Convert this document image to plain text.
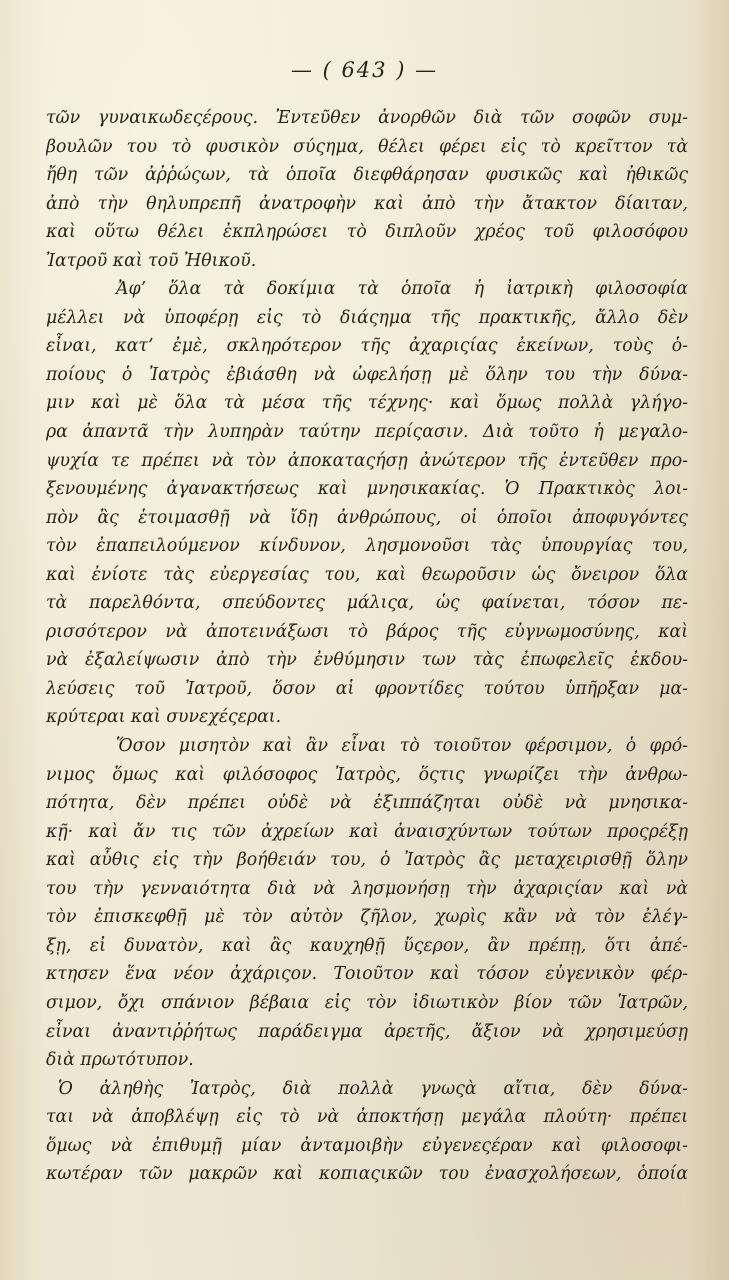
— ( 643 ) —
τῶν γυναικωδεςέρους. Ἐντεῦθεν ἀνορθῶν διὰ τῶν σοφῶν συμ-
βουλῶν του τὸ φυσικὸν σύςημα, θέλει φέρει εἰς τὸ κρεῖττον τὰ
ἤθη τῶν ἀῤῥώςων, τὰ ὁποῖα διεφθάρησαν φυσικῶς καὶ ἠθικῶς
ἀπὸ τὴν θηλυπρεπῆ ἀνατροφὴν καὶ ἀπὸ τὴν ἄτακτον δίαιταν,
καὶ οὕτω θέλει ἐκπληρώσει τὸ διπλοῦν χρέος τοῦ φιλοσόφου
Ἰατροῦ καὶ τοῦ Ἠθικοῦ.
Ἀφ’ ὅλα τὰ δοκίμια τὰ ὁποῖα ἡ ἰατρικὴ φιλοσοφία
μέλλει νὰ ὑποφέρῃ εἰς τὸ διάςημα τῆς πρακτικῆς, ἄλλο δὲν
εἶναι, κατ’ ἐμὲ, σκληρότερον τῆς ἀχαριςίας ἐκείνων, τοὺς ὁ-
ποίους ὁ Ἰατρὸς ἐβιάσθη νὰ ὠφελήσῃ μὲ ὅλην του τὴν δύνα-
μιν καὶ μὲ ὅλα τὰ μέσα τῆς τέχνης· καὶ ὅμως πολλὰ γλήγο-
ρα ἀπαντᾶ τὴν λυπηρὰν ταύτην περίςασιν. Διὰ τοῦτο ἡ μεγαλο-
ψυχία τε πρέπει νὰ τὸν ἀποκαταςήσῃ ἀνώτερον τῆς ἐντεῦθεν προ-
ξενουμένης ἀγανακτήσεως καὶ μνησικακίας. Ὁ Πρακτικὸς λοι-
πὸν ἂς ἑτοιμασθῇ νὰ ἴδῃ ἀνθρώπους, οἱ ὁποῖοι ἀποφυγόντες
τὸν ἐπαπειλούμενον κίνδυνον, λησμονοῦσι τὰς ὑπουργίας του,
καὶ ἐνίοτε τὰς εὐεργεσίας του, καὶ θεωροῦσιν ὡς ὄνειρον ὅλα
τὰ παρελθόντα, σπεύδοντες μάλιςα, ὡς φαίνεται, τόσον πε-
ρισσότερον νὰ ἀποτεινάξωσι τὸ βάρος τῆς εὐγνωμοσύνης, καὶ
νὰ ἐξαλείψωσιν ἀπὸ τὴν ἐνθύμησιν των τὰς ἐπωφελεῖς ἐκδου-
λεύσεις τοῦ Ἰατροῦ, ὅσον αἱ φροντίδες τούτου ὑπῆρξαν μα-
κρύτεραι καὶ συνεχέςεραι.
Ὅσον μισητὸν καὶ ἂν εἶναι τὸ τοιοῦτον φέρσιμον, ὁ φρό-
νιμος ὅμως καὶ φιλόσοφος Ἰατρὸς, ὅςτις γνωρίζει τὴν ἀνθρω-
πότητα, δὲν πρέπει οὐδὲ νὰ ἐξιππάζηται οὐδὲ νὰ μνησικα-
κῇ· καὶ ἄν τις τῶν ἀχρείων καὶ ἀναισχύντων τούτων προςρέξῃ
καὶ αὖθις εἰς τὴν βοήθειάν του, ὁ Ἰατρὸς ἂς μεταχειρισθῇ ὅλην
του τὴν γενναιότητα διὰ νὰ λησμονήσῃ τὴν ἀχαριςίαν καὶ νὰ
τὸν ἐπισκεφθῇ μὲ τὸν αὐτὸν ζῆλον, χωρὶς κἂν νὰ τὸν ἐλέγ-
ξῃ, εἰ δυνατὸν, καὶ ἂς καυχηθῇ ὕςερον, ἂν πρέπῃ, ὅτι ἀπέ-
κτησεν ἕνα νέον ἀχάριςον. Τοιοῦτον καὶ τόσον εὐγενικὸν φέρ-
σιμον, ὄχι σπάνιον βέβαια εἰς τὸν ἰδιωτικὸν βίον τῶν Ἰατρῶν,
εἶναι ἀναντιῤῥήτως παράδειγμα ἀρετῆς, ἄξιον νὰ χρησιμεύσῃ
διὰ πρωτότυπον.
Ὁ ἀληθὴς Ἰατρὸς, διὰ πολλὰ γνωςὰ αἴτια, δὲν δύνα-
ται νὰ ἀποβλέψῃ εἰς τὸ νὰ ἀποκτήσῃ μεγάλα πλούτη· πρέπει
ὅμως νὰ ἐπιθυμῇ μίαν ἀνταμοιβὴν εὐγενεςέραν καὶ φιλοσοφι-
κωτέραν τῶν μακρῶν καὶ κοπιαςικῶν του ἐνασχολήσεων, ὁποία
